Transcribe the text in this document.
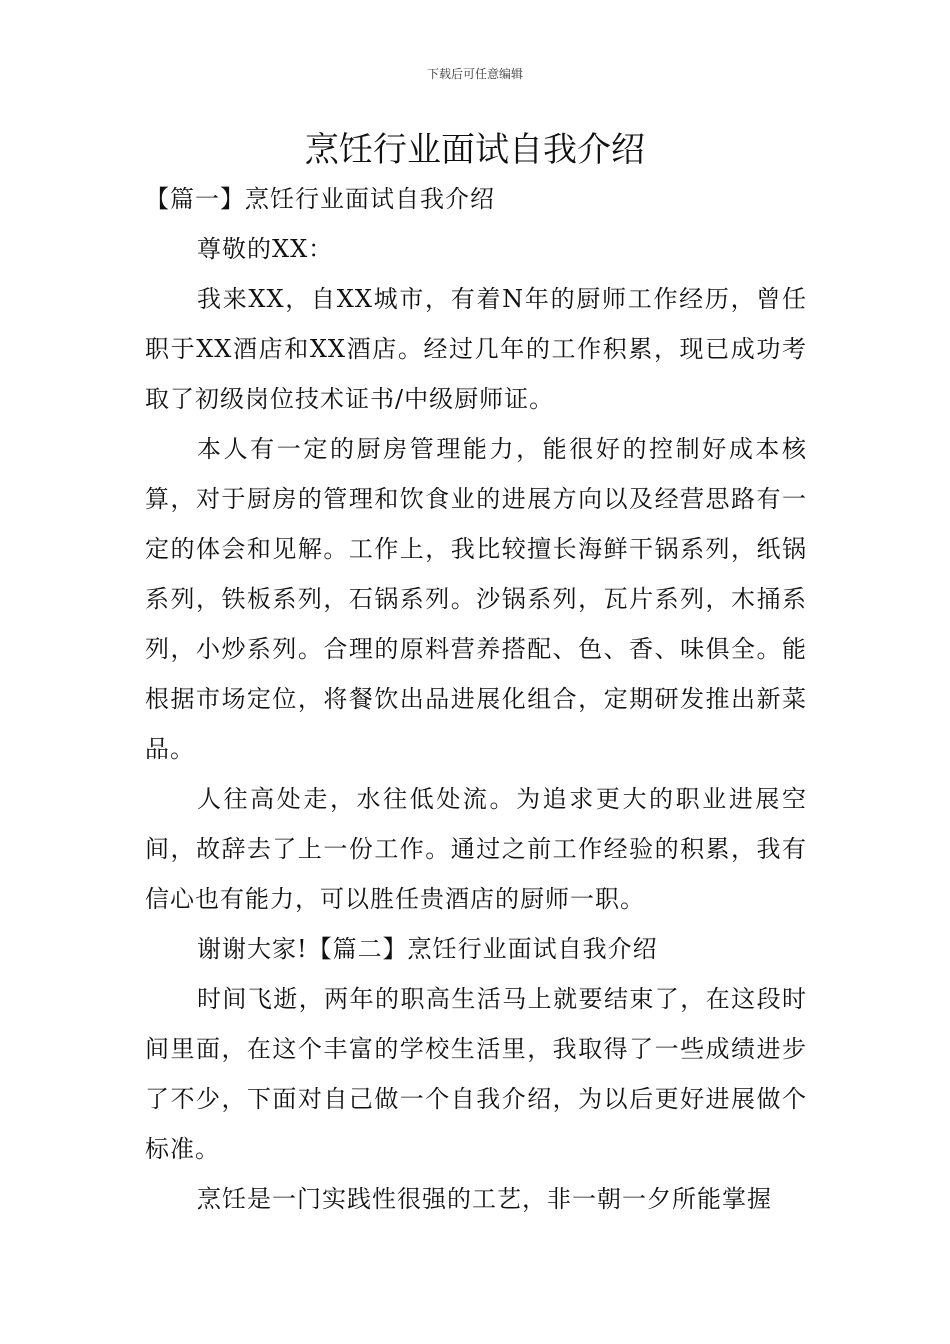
下载后可任意编辑
烹饪行业面试自我介绍

【篇一】烹饪行业面试自我介绍

尊敬的XX：

我来XX，自XX城市，有着N年的厨师工作经历，曾任职于XX酒店和XX酒店。经过几年的工作积累，现已成功考取了初级岗位技术证书/中级厨师证。

本人有一定的厨房管理能力，能很好的控制好成本核算，对于厨房的管理和饮食业的进展方向以及经营思路有一定的体会和见解。工作上，我比较擅长海鲜干锅系列，纸锅系列，铁板系列，石锅系列。沙锅系列，瓦片系列，木捅系列，小炒系列。合理的原料营养搭配、色、香、味俱全。能根据市场定位，将餐饮出品进展化组合，定期研发推出新菜品。

人往高处走，水往低处流。为追求更大的职业进展空间，故辞去了上一份工作。通过之前工作经验的积累，我有信心也有能力，可以胜任贵酒店的厨师一职。

谢谢大家!【篇二】烹饪行业面试自我介绍

时间飞逝，两年的职高生活马上就要结束了，在这段时间里面，在这个丰富的学校生活里，我取得了一些成绩进步了不少，下面对自己做一个自我介绍，为以后更好进展做个标准。

烹饪是一门实践性很强的工艺，非一朝一夕所能掌握
